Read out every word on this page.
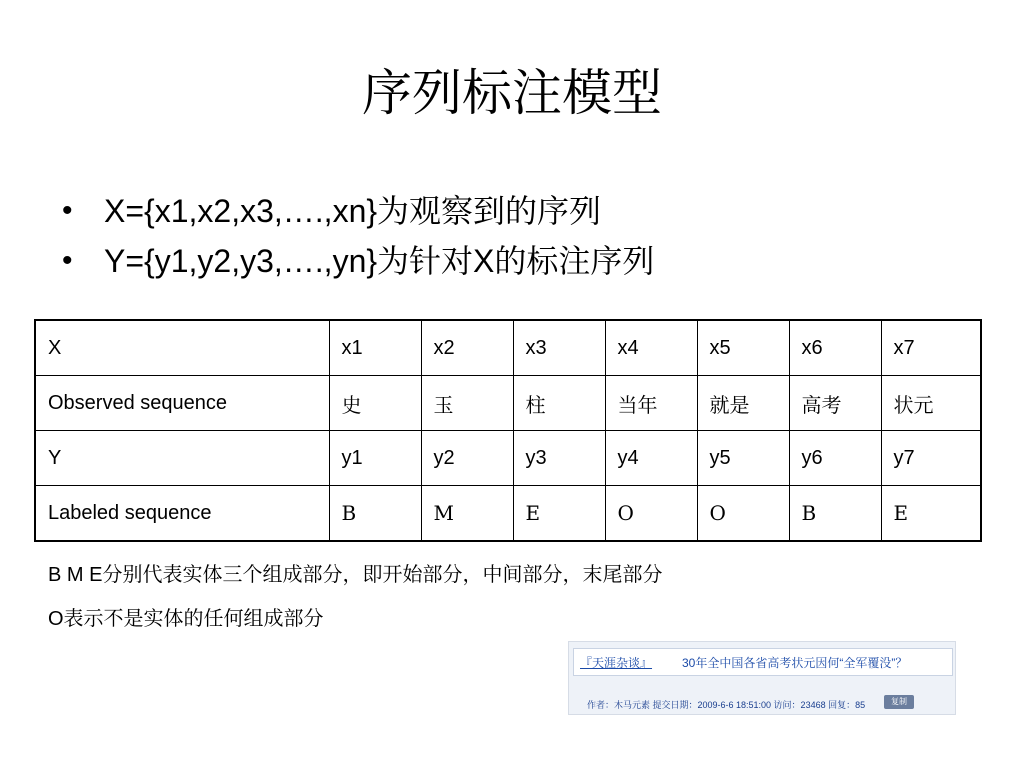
序列标注模型
• X={x1,x2,x3,….,xn}为观察到的序列
• Y={y1,y2,y3,….,yn}为针对X的标注序列
X	x1	x2	x3	x4	x5	x6	x7
Observed sequence	史	玉	柱	当年	就是	高考	状元
Y	y1	y2	y3	y4	y5	y6	y7
Labeled sequence	B	M	E	O	O	B	E
B M E分别代表实体三个组成部分，即开始部分，中间部分，末尾部分
O表示不是实体的任何组成部分
『天涯杂谈』 30年全中国各省高考状元因何“全军覆没”？
作者：木马元素 提交日期：2009-6-6 18:51:00 访问：23468 回复：85	复制
